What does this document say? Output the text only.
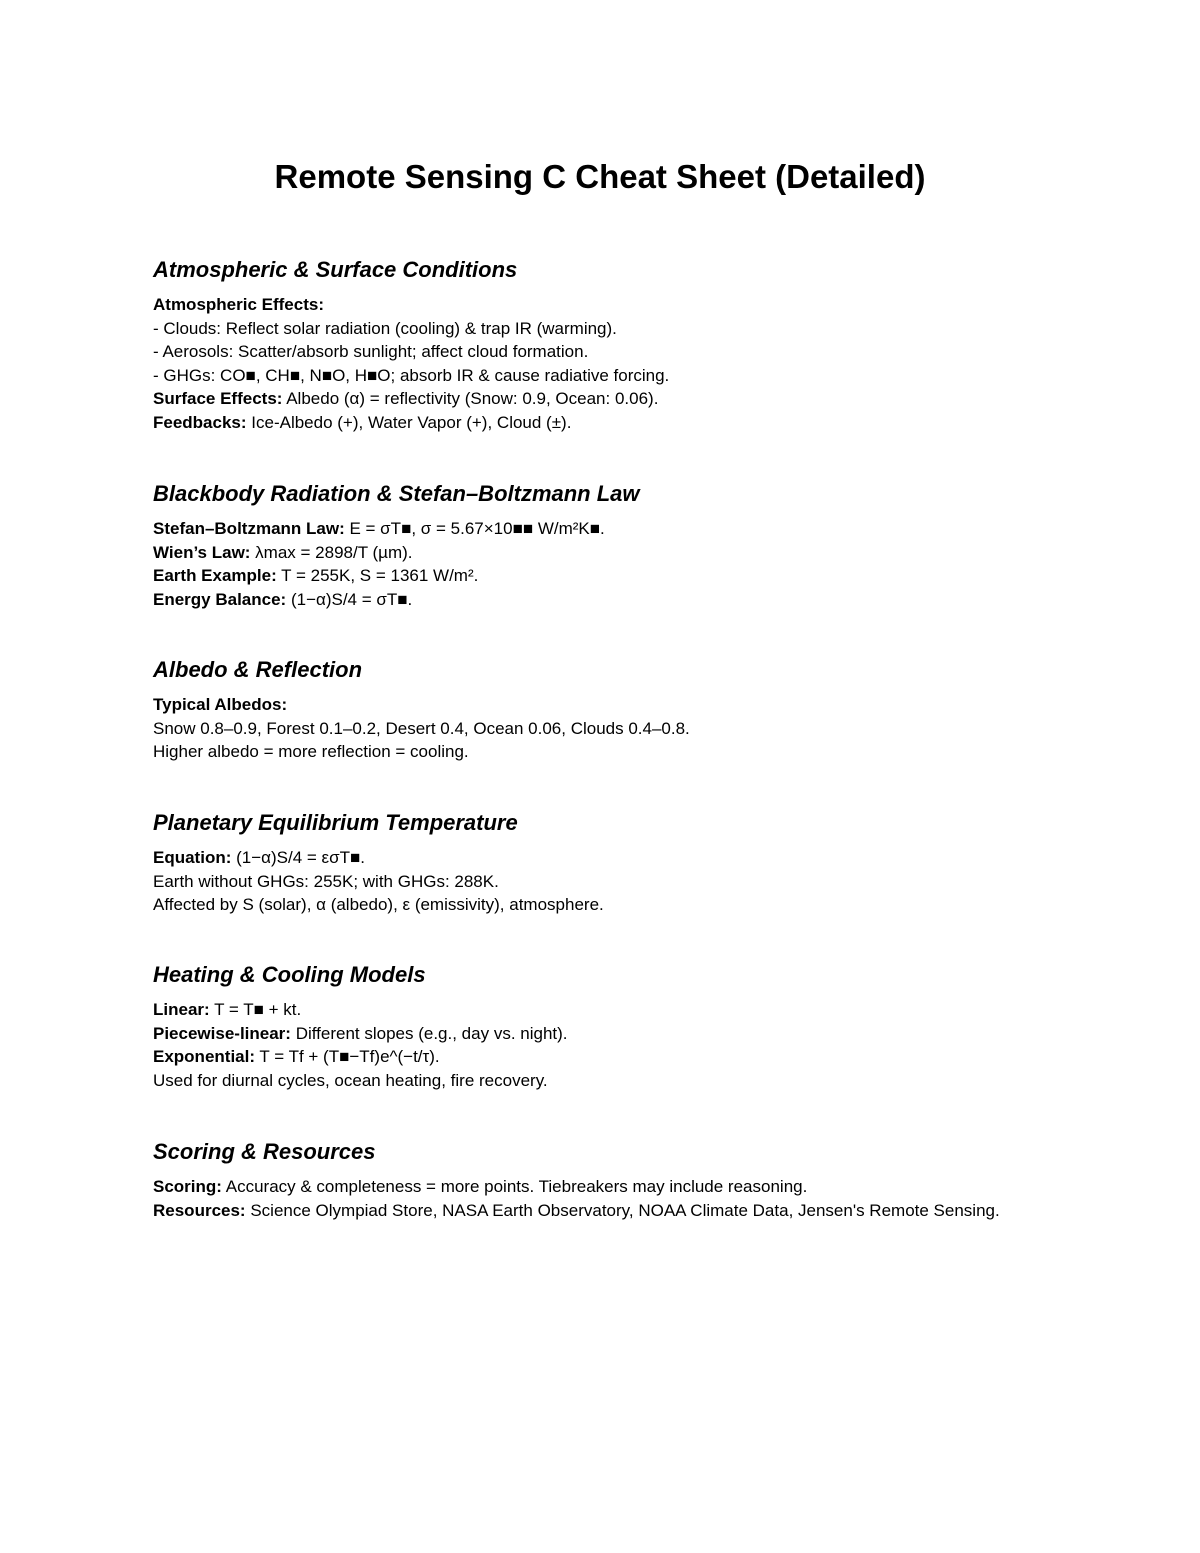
Remote Sensing C Cheat Sheet (Detailed)
Atmospheric & Surface Conditions
Atmospheric Effects:
- Clouds: Reflect solar radiation (cooling) & trap IR (warming).
- Aerosols: Scatter/absorb sunlight; affect cloud formation.
- GHGs: CO■, CH■, N■O, H■O; absorb IR & cause radiative forcing.
Surface Effects: Albedo (α) = reflectivity (Snow: 0.9, Ocean: 0.06).
Feedbacks: Ice-Albedo (+), Water Vapor (+), Cloud (±).
Blackbody Radiation & Stefan–Boltzmann Law
Stefan–Boltzmann Law: E = σT■, σ = 5.67×10■■ W/m²K■.
Wien’s Law: λmax = 2898/T (µm).
Earth Example: T = 255K, S = 1361 W/m².
Energy Balance: (1−α)S/4 = σT■.
Albedo & Reflection
Typical Albedos:
Snow 0.8–0.9, Forest 0.1–0.2, Desert 0.4, Ocean 0.06, Clouds 0.4–0.8.
Higher albedo = more reflection = cooling.
Planetary Equilibrium Temperature
Equation: (1−α)S/4 = εσT■.
Earth without GHGs: 255K; with GHGs: 288K.
Affected by S (solar), α (albedo), ε (emissivity), atmosphere.
Heating & Cooling Models
Linear: T = T■ + kt.
Piecewise-linear: Different slopes (e.g., day vs. night).
Exponential: T = Tf + (T■−Tf)e^(−t/τ).
Used for diurnal cycles, ocean heating, fire recovery.
Scoring & Resources
Scoring: Accuracy & completeness = more points. Tiebreakers may include reasoning.
Resources: Science Olympiad Store, NASA Earth Observatory, NOAA Climate Data, Jensen's Remote Sensing.
